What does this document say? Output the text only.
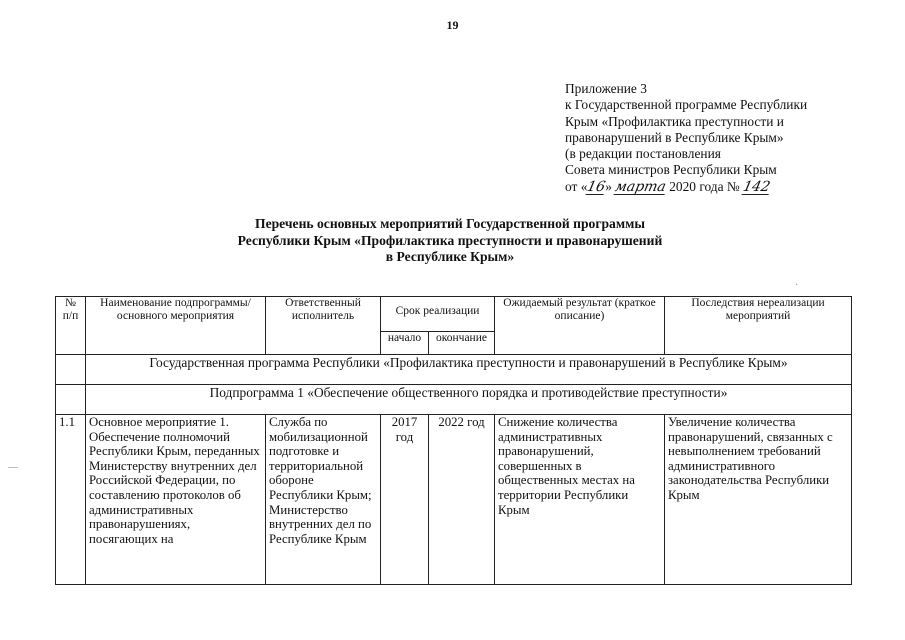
19
Приложение 3
к Государственной программе Республики
Крым «Профилактика преступности и
правонарушений в Республике Крым»
(в редакции постановления
Совета министров Республики Крым
от «16» марта 2020 года № 142
Перечень основных мероприятий Государственной программы
Республики Крым «Профилактика преступности и правонарушений
в Республике Крым»
—
·
№ п/п	Наименование подпрограммы/основного мероприятия	Ответственный исполнитель	Срок реализации		Ожидаемый результат (краткое описание)	Последствия нереализации мероприятий
			начало	окончание		
	Государственная программа Республики «Профилактика преступности и правонарушений в Республике Крым»					
	Подпрограмма 1 «Обеспечение общественного порядка и противодействие преступности»					
1.1	Основное мероприятие 1. Обеспечение полномочий Республики Крым, переданных Министерству внутренних дел Российской Федерации, по составлению протоколов об административных правонарушениях, посягающих на	Служба по мобилизационной подготовке и территориальной обороне Республики Крым; Министерство внутренних дел по Республике Крым	2017 год	2022 год	Снижение количества административных правонарушений, совершенных в общественных местах на территории Республики Крым	Увеличение количества правонарушений, связанных с невыполнением требований административного законодательства Республики Крым
